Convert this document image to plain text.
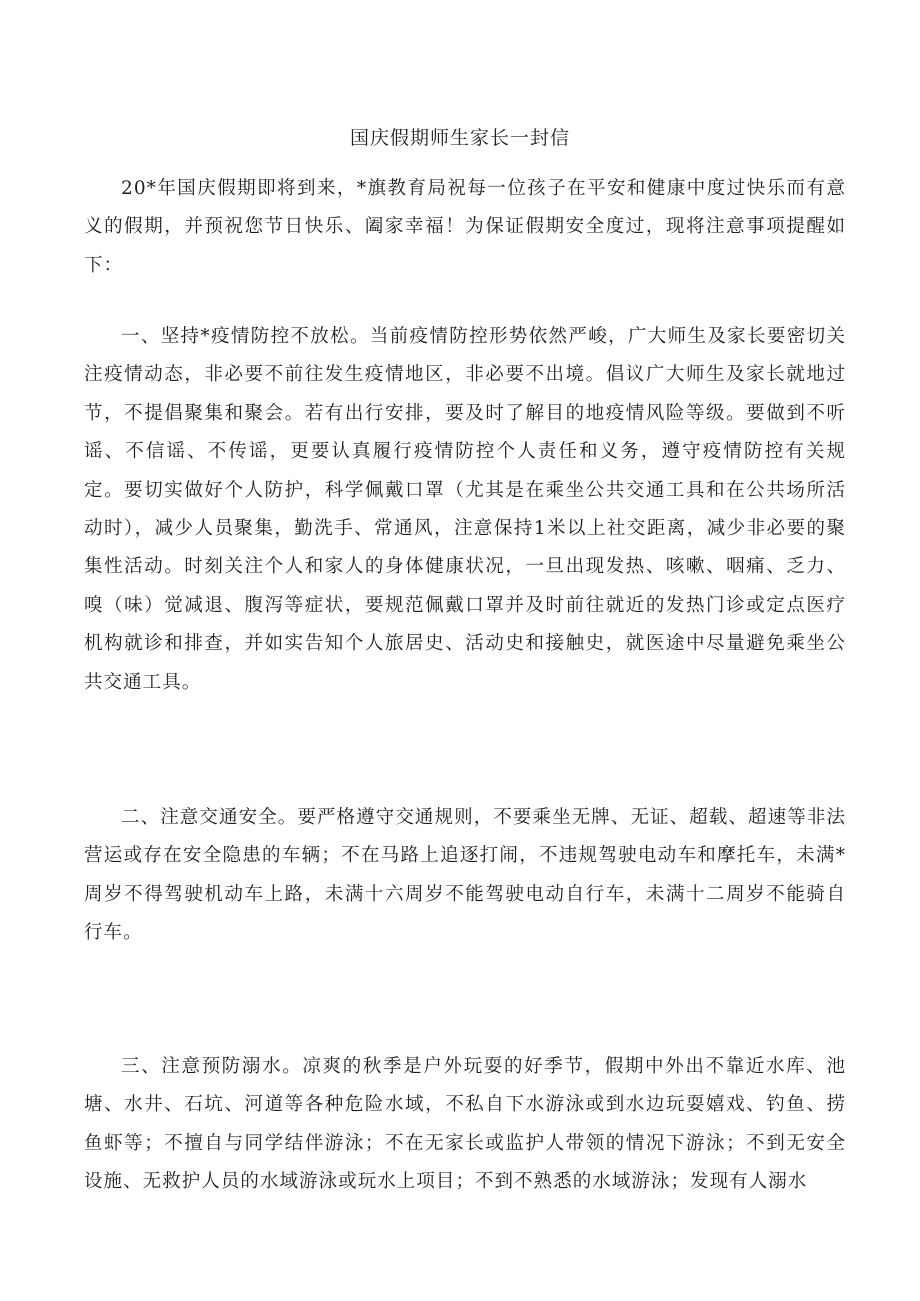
国庆假期师生家长一封信

20*年国庆假期即将到来，*旗教育局祝每一位孩子在平安和健康中度过快乐而有意义的假期，并预祝您节日快乐、阖家幸福！为保证假期安全度过，现将注意事项提醒如下：

一、坚持*疫情防控不放松。当前疫情防控形势依然严峻，广大师生及家长要密切关注疫情动态，非必要不前往发生疫情地区，非必要不出境。倡议广大师生及家长就地过节，不提倡聚集和聚会。若有出行安排，要及时了解目的地疫情风险等级。要做到不听谣、不信谣、不传谣，更要认真履行疫情防控个人责任和义务，遵守疫情防控有关规定。要切实做好个人防护，科学佩戴口罩（尤其是在乘坐公共交通工具和在公共场所活动时），减少人员聚集，勤洗手、常通风，注意保持1米以上社交距离，减少非必要的聚集性活动。时刻关注个人和家人的身体健康状况，一旦出现发热、咳嗽、咽痛、乏力、嗅（味）觉减退、腹泻等症状，要规范佩戴口罩并及时前往就近的发热门诊或定点医疗机构就诊和排查，并如实告知个人旅居史、活动史和接触史，就医途中尽量避免乘坐公共交通工具。

二、注意交通安全。要严格遵守交通规则，不要乘坐无牌、无证、超载、超速等非法营运或存在安全隐患的车辆；不在马路上追逐打闹，不违规驾驶电动车和摩托车，未满*周岁不得驾驶机动车上路，未满十六周岁不能驾驶电动自行车，未满十二周岁不能骑自行车。

三、注意预防溺水。凉爽的秋季是户外玩耍的好季节，假期中外出不靠近水库、池塘、水井、石坑、河道等各种危险水域，不私自下水游泳或到水边玩耍嬉戏、钓鱼、捞鱼虾等；不擅自与同学结伴游泳；不在无家长或监护人带领的情况下游泳；不到无安全设施、无救护人员的水域游泳或玩水上项目；不到不熟悉的水域游泳；发现有人溺水
